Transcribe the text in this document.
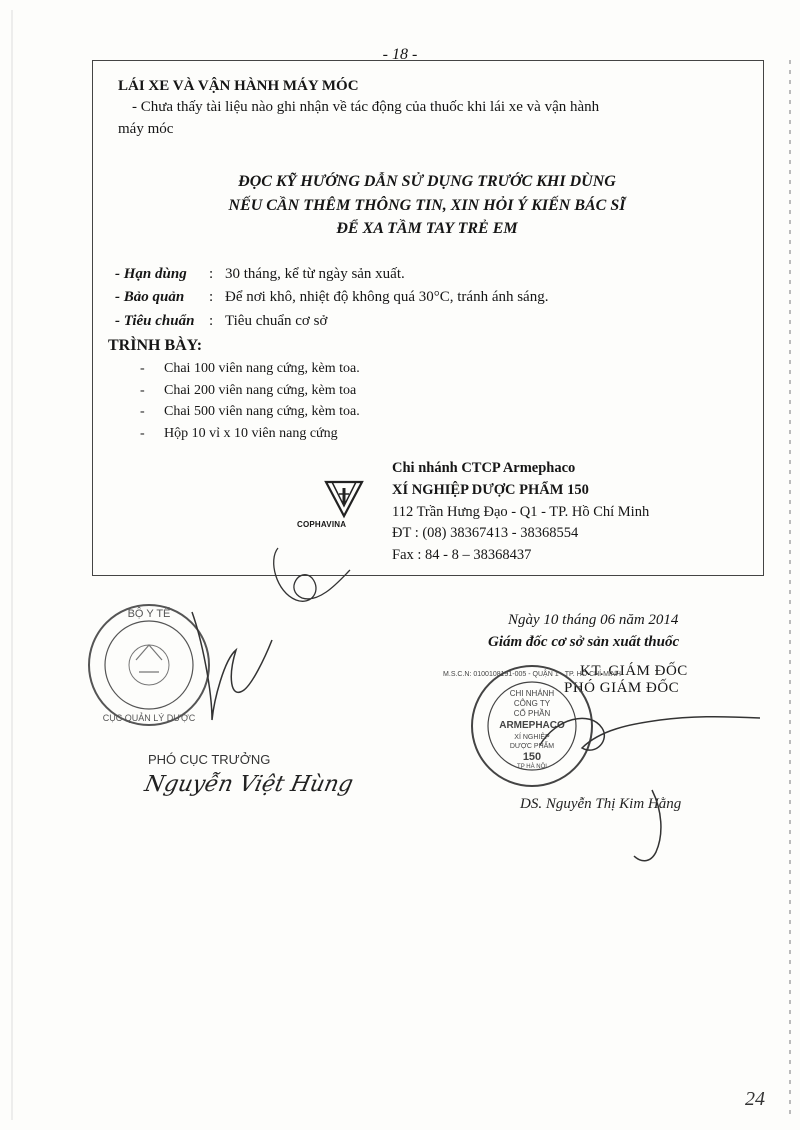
- 18 -
LÁI XE VÀ VẬN HÀNH MÁY MÓC
- Chưa thấy tài liệu nào ghi nhận về tác động của thuốc khi lái xe và vận hành
máy móc
ĐỌC KỸ HƯỚNG DẪN SỬ DỤNG TRƯỚC KHI DÙNG
NẾU CẦN THÊM THÔNG TIN, XIN HỎI Ý KIẾN BÁC SĨ
ĐỂ XA TẦM TAY TRẺ EM
- Hạn dùng : 30 tháng, kể từ ngày sản xuất.
- Bảo quản : Để nơi khô, nhiệt độ không quá 30°C, tránh ánh sáng.
- Tiêu chuẩn : Tiêu chuẩn cơ sở
TRÌNH BÀY:
- Chai 100 viên nang cứng, kèm toa.
- Chai 200 viên nang cứng, kèm toa
- Chai 500 viên nang cứng, kèm toa.
- Hộp 10 vỉ x 10 viên nang cứng
COPHAVINA
Chi nhánh CTCP Armephaco
XÍ NGHIỆP DƯỢC PHẨM 150
112 Trần Hưng Đạo - Q1 - TP. Hồ Chí Minh
ĐT : (08) 38367413 - 38368554
Fax : 84 - 8 – 38368437
Ngày 10 tháng 06 năm 2014
Giám đốc cơ sở sản xuất thuốc
KT. GIÁM ĐỐC
PHÓ GIÁM ĐỐC
PHÓ CỤC TRƯỞNG
Nguyễn Việt Hùng
DS. Nguyễn Thị Kim Hằng
24
BỘ Y TẾ
CỤC QUẢN LÝ DƯỢC
M.S.C.N: 0100108191-005 - QUẬN 1 - TP. HỒ CHÍ MINH
CHI NHÁNH
CÔNG TY
CỔ PHẦN
ARMEPHACO
XÍ NGHIỆP
DƯỢC PHẨM
150
TP HÀ NỘI
